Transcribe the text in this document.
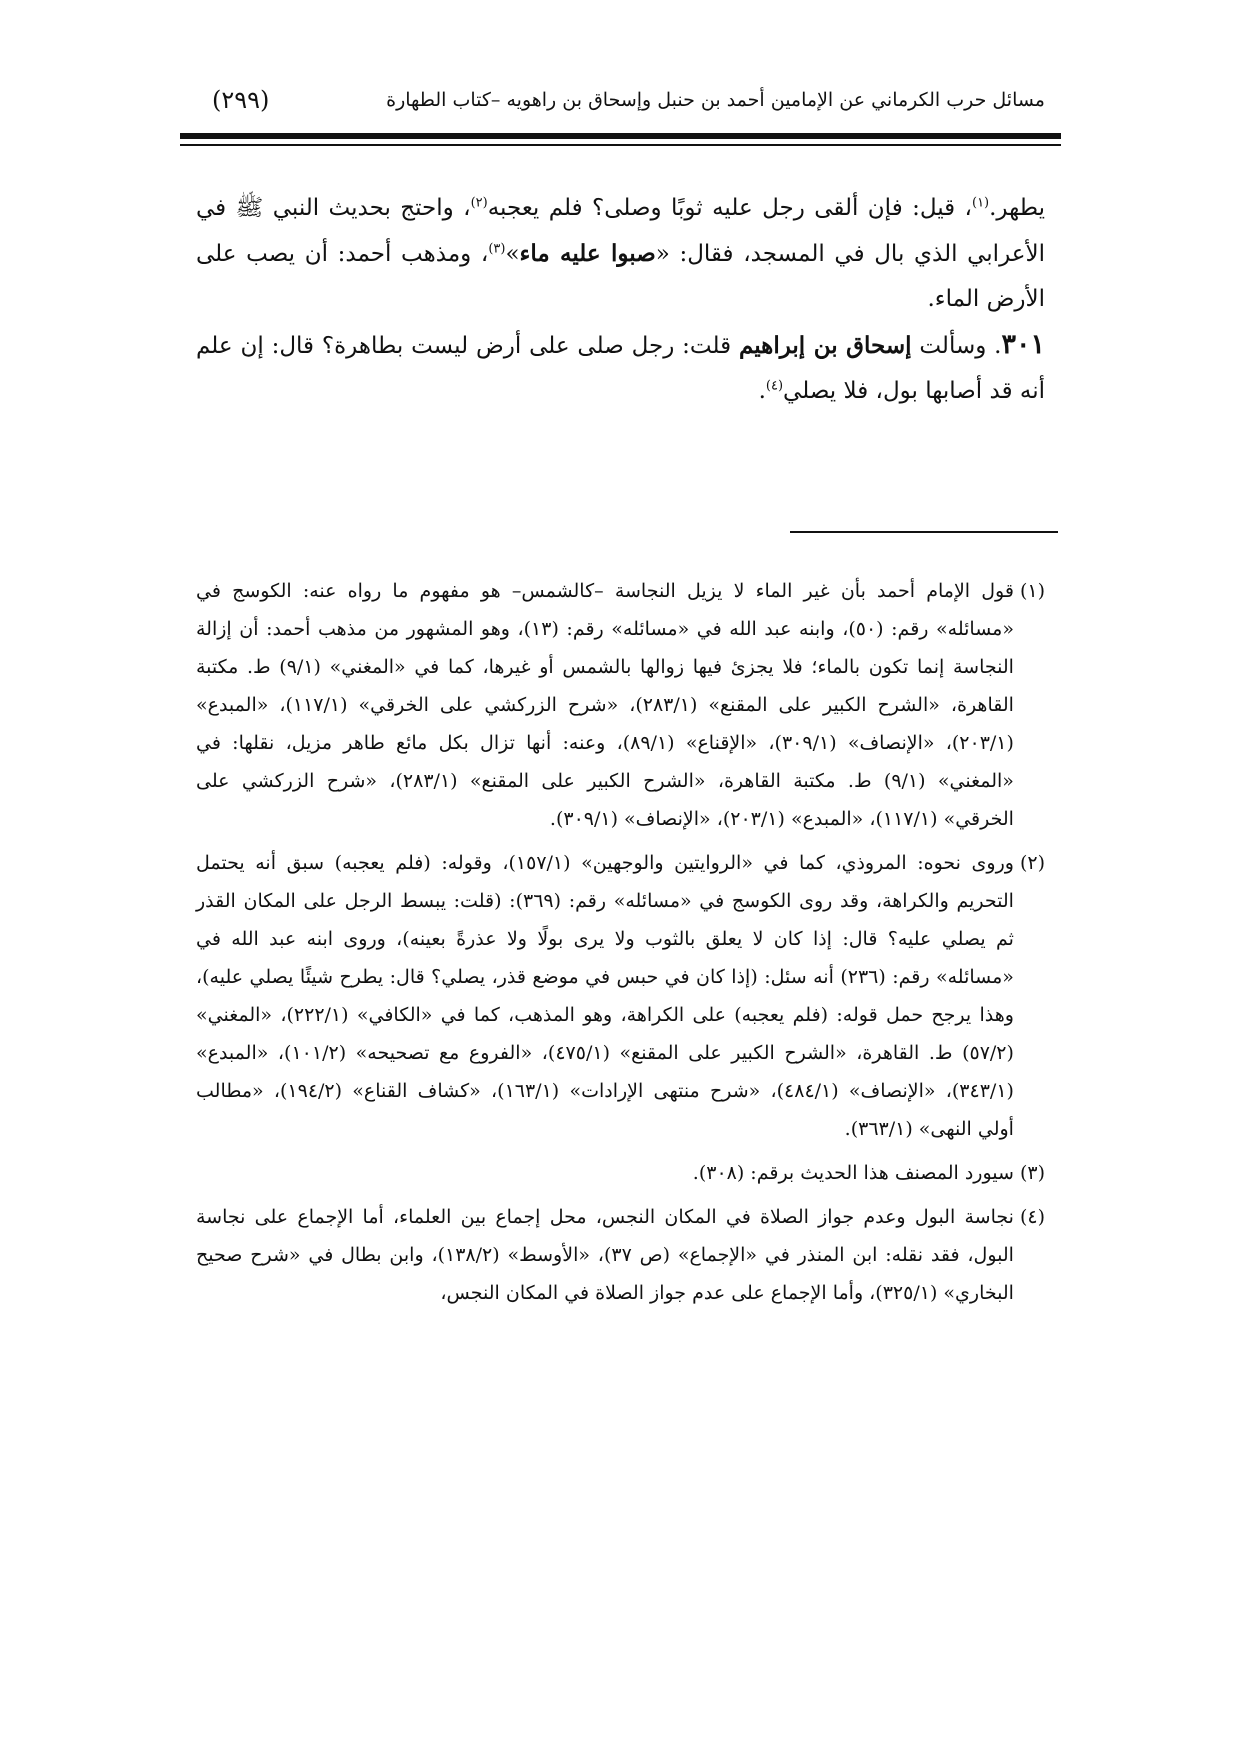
مسائل حرب الكرماني عن الإمامين أحمد بن حنبل وإسحاق بن راهويه –كتاب الطهارة
(٢٩٩)

يطهر.$^{(١)}$، قيل: فإن ألقى رجل عليه ثوبًا وصلى؟ فلم يعجبه$^{(٢)}$، واحتج بحديث النبي ﷺ في الأعرابي الذي بال في المسجد، فقال: «صبوا عليه ماء»$^{(٣)}$، ومذهب أحمد: أن يصب على الأرض الماء.

٣٠١. وسألت إسحاق بن إبراهيم قلت: رجل صلى على أرض ليست بطاهرة؟ قال: إن علم أنه قد أصابها بول، فلا يصلي$^{(٤)}$.

(١)
قول الإمام أحمد بأن غير الماء لا يزيل النجاسة –كالشمس– هو مفهوم ما رواه عنه: الكوسج في «مسائله» رقم: (٥٠)، وابنه عبد الله في «مسائله» رقم: (١٣)، وهو المشهور من مذهب أحمد: أن إزالة النجاسة إنما تكون بالماء؛ فلا يجزئ فيها زوالها بالشمس أو غيرها، كما في «المغني» (٩/١) ط. مكتبة القاهرة، «الشرح الكبير على المقنع» (٢٨٣/١)، «شرح الزركشي على الخرقي» (١١٧/١)، «المبدع» (٢٠٣/١)، «الإنصاف» (٣٠٩/١)، «الإقناع» (٨٩/١)، وعنه: أنها تزال بكل مائع طاهر مزيل، نقلها: في «المغني» (٩/١) ط. مكتبة القاهرة، «الشرح الكبير على المقنع» (٢٨٣/١)، «شرح الزركشي على الخرقي» (١١٧/١)، «المبدع» (٢٠٣/١)، «الإنصاف» (٣٠٩/١).
(٢)
وروى نحوه: المروذي، كما في «الروايتين والوجهين» (١٥٧/١)، وقوله: (فلم يعجبه) سبق أنه يحتمل التحريم والكراهة، وقد روى الكوسج في «مسائله» رقم: (٣٦٩): (قلت: يبسط الرجل على المكان القذر ثم يصلي عليه؟ قال: إذا كان لا يعلق بالثوب ولا يرى بولًا ولا عذرةً بعينه)، وروى ابنه عبد الله في «مسائله» رقم: (٢٣٦) أنه سئل: (إذا كان في حبس في موضع قذر، يصلي؟ قال: يطرح شيئًا يصلي عليه)، وهذا يرجح حمل قوله: (فلم يعجبه) على الكراهة، وهو المذهب، كما في «الكافي» (٢٢٢/١)، «المغني» (٥٧/٢) ط. القاهرة، «الشرح الكبير على المقنع» (٤٧٥/١)، «الفروع مع تصحيحه» (١٠١/٢)، «المبدع» (٣٤٣/١)، «الإنصاف» (٤٨٤/١)، «شرح منتهى الإرادات» (١٦٣/١)، «كشاف القناع» (١٩٤/٢)، «مطالب أولي النهى» (٣٦٣/١).
(٣)
سيورد المصنف هذا الحديث برقم: (٣٠٨).
(٤)
نجاسة البول وعدم جواز الصلاة في المكان النجس، محل إجماع بين العلماء، أما الإجماع على نجاسة البول، فقد نقله: ابن المنذر في «الإجماع» (ص ٣٧)، «الأوسط» (١٣٨/٢)، وابن بطال في «شرح صحيح البخاري» (٣٢٥/١)، وأما الإجماع على عدم جواز الصلاة في المكان النجس،
